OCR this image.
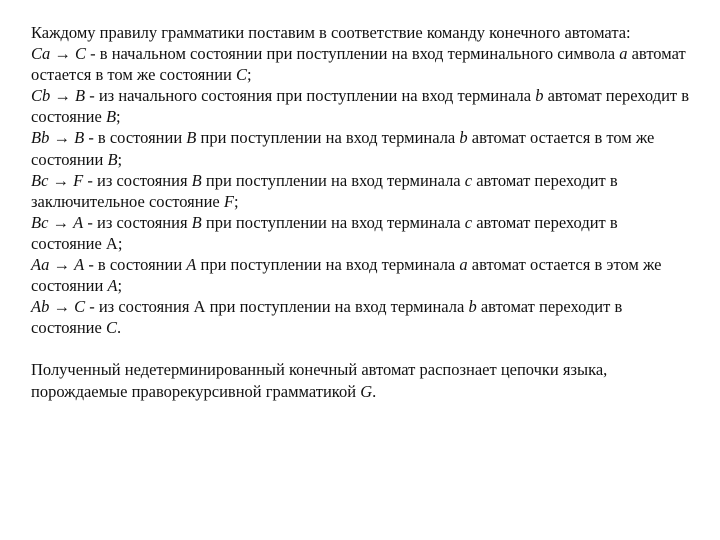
Каждому правилу грамматики поставим в соответствие команду конечного автомата:

Ca → C - в начальном состоянии при поступлении на вход терминального символа a автомат остается в том же состоянии C;

Cb → B - из начального состояния при поступлении на вход терминала b автомат переходит в состояние B;

Bb → B - в состоянии B при поступлении на вход терминала b автомат остается в том же состоянии B;

Bc → F - из состояния B при поступлении на вход терминала c автомат переходит в заключительное состояние F;

Bc → A - из состояния B при поступлении на вход терминала c автомат переходит в состояние А;

Aa → A - в состоянии A при поступлении на вход терминала a автомат остается в этом же состоянии A;

Ab → C - из состояния А при поступлении на вход терминала b автомат переходит в состояние C.

Полученный недетерминированный конечный автомат распознает цепочки языка, порождаемые праворекурсивной грамматикой G.
